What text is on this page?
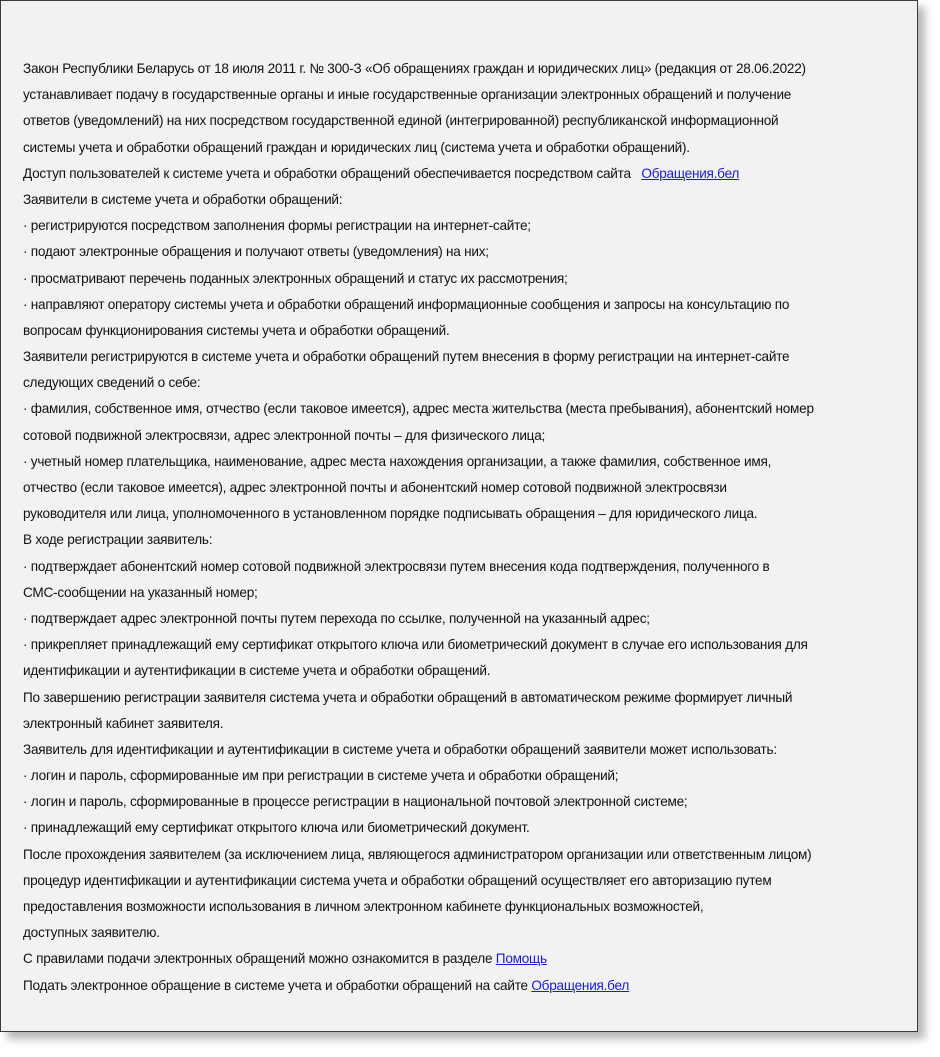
Закон Республики Беларусь от 18 июля 2011 г. № 300-З «Об обращениях граждан и юридических лиц» (редакция от 28.06.2022)
устанавливает подачу в государственные органы и иные государственные организации электронных обращений и получение
ответов (уведомлений) на них посредством государственной единой (интегрированной) республиканской информационной
системы учета и обработки обращений граждан и юридических лиц (система учета и обработки обращений).
Доступ пользователей к системе учета и обработки обращений обеспечивается посредством сайта   Обращения.бел
Заявители в системе учета и обработки обращений:
· регистрируются посредством заполнения формы регистрации на интернет-сайте;
· подают электронные обращения и получают ответы (уведомления) на них;
· просматривают перечень поданных электронных обращений и статус их рассмотрения;
· направляют оператору системы учета и обработки обращений информационные сообщения и запросы на консультацию по
вопросам функционирования системы учета и обработки обращений.
Заявители регистрируются в системе учета и обработки обращений путем внесения в форму регистрации на интернет-сайте
следующих сведений о себе:
· фамилия, собственное имя, отчество (если таковое имеется), адрес места жительства (места пребывания), абонентский номер
сотовой подвижной электросвязи, адрес электронной почты – для физического лица;
· учетный номер плательщика, наименование, адрес места нахождения организации, а также фамилия, собственное имя,
отчество (если таковое имеется), адрес электронной почты и абонентский номер сотовой подвижной электросвязи
руководителя или лица, уполномоченного в установленном порядке подписывать обращения – для юридического лица.
В ходе регистрации заявитель:
· подтверждает абонентский номер сотовой подвижной электросвязи путем внесения кода подтверждения, полученного в
СМС-сообщении на указанный номер;
· подтверждает адрес электронной почты путем перехода по ссылке, полученной на указанный адрес;
· прикрепляет принадлежащий ему сертификат открытого ключа или биометрический документ в случае его использования для
идентификации и аутентификации в системе учета и обработки обращений.
По завершению регистрации заявителя система учета и обработки обращений в автоматическом режиме формирует личный
электронный кабинет заявителя.
Заявитель для идентификации и аутентификации в системе учета и обработки обращений заявители может использовать:
· логин и пароль, сформированные им при регистрации в системе учета и обработки обращений;
· логин и пароль, сформированные в процессе регистрации в национальной почтовой электронной системе;
· принадлежащий ему сертификат открытого ключа или биометрический документ.
После прохождения заявителем (за исключением лица, являющегося администратором организации или ответственным лицом)
процедур идентификации и аутентификации система учета и обработки обращений осуществляет его авторизацию путем
предоставления возможности использования в личном электронном кабинете функциональных возможностей,
доступных заявителю.
С правилами подачи электронных обращений можно ознакомится в разделе Помощь
Подать электронное обращение в системе учета и обработки обращений на сайте Обращения.бел
